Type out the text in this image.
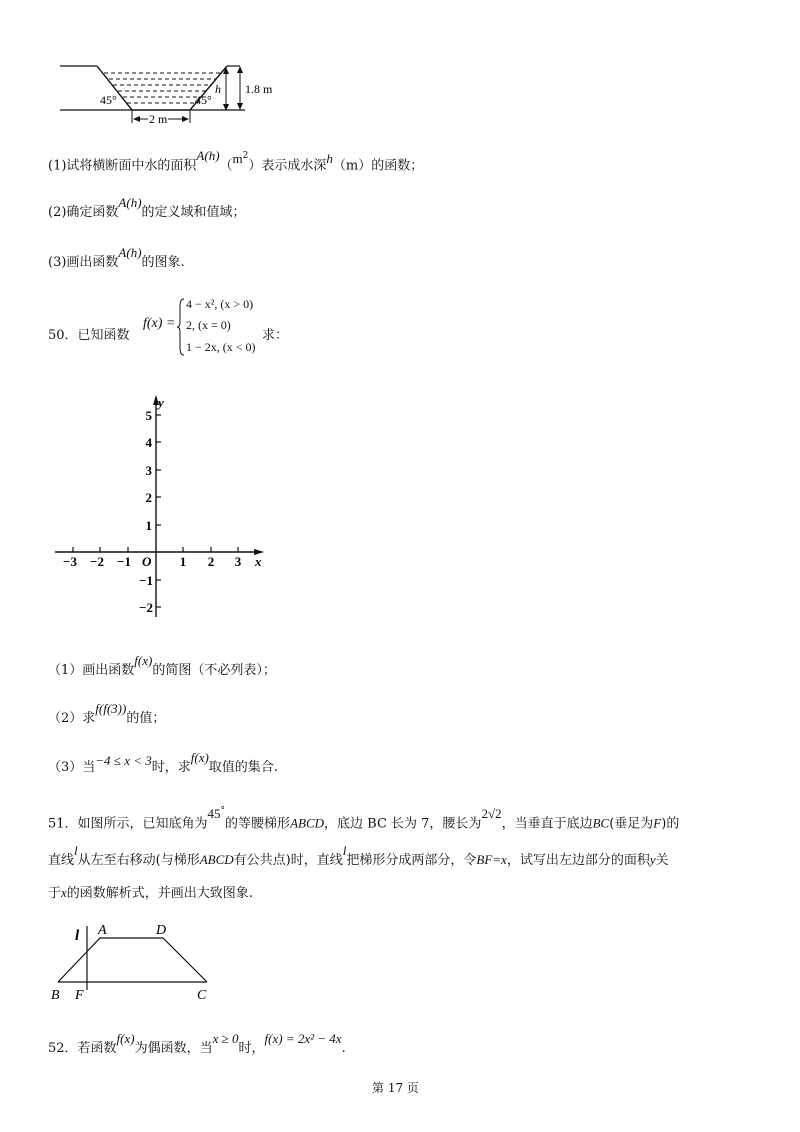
45°	45°
h 1.8 m
2 m
(1)试将横断面中水的面积$A(h)(m^2)$表示成水深h（m）的函数；
(2)确定函数A(h)的定义域和值域；
(3)画出函数A(h)的图象.
50．已知函数
f(x) =
4 − x², (x > 0)
2, (x = 0)
1 − 2x, (x < 0)
求：
y
x
O
5
4
3
2
1
−1
−2
−3 −2 −1	1 2 3
（1）画出函数f(x)的简图（不必列表）；
（2）求f(f(3))的值；
（3）当−4 ≤ x < 3时，求f(x)取值的集合.
51．如图所示，已知底角为45°的等腰梯形ABCD，底边 BC 长为 7，腰长为2√2，当垂直于底边BC(垂足为F)的
直线l从左至右移动(与梯形ABCD有公共点)时，直线l把梯形分成两部分，令BF=x，试写出左边部分的面积y关
于x的函数解析式，并画出大致图象.
l A	D
B F	C
52．若函数f(x)为偶函数，当x ≥ 0时，f(x) = 2x² − 4x.
第 17 页
